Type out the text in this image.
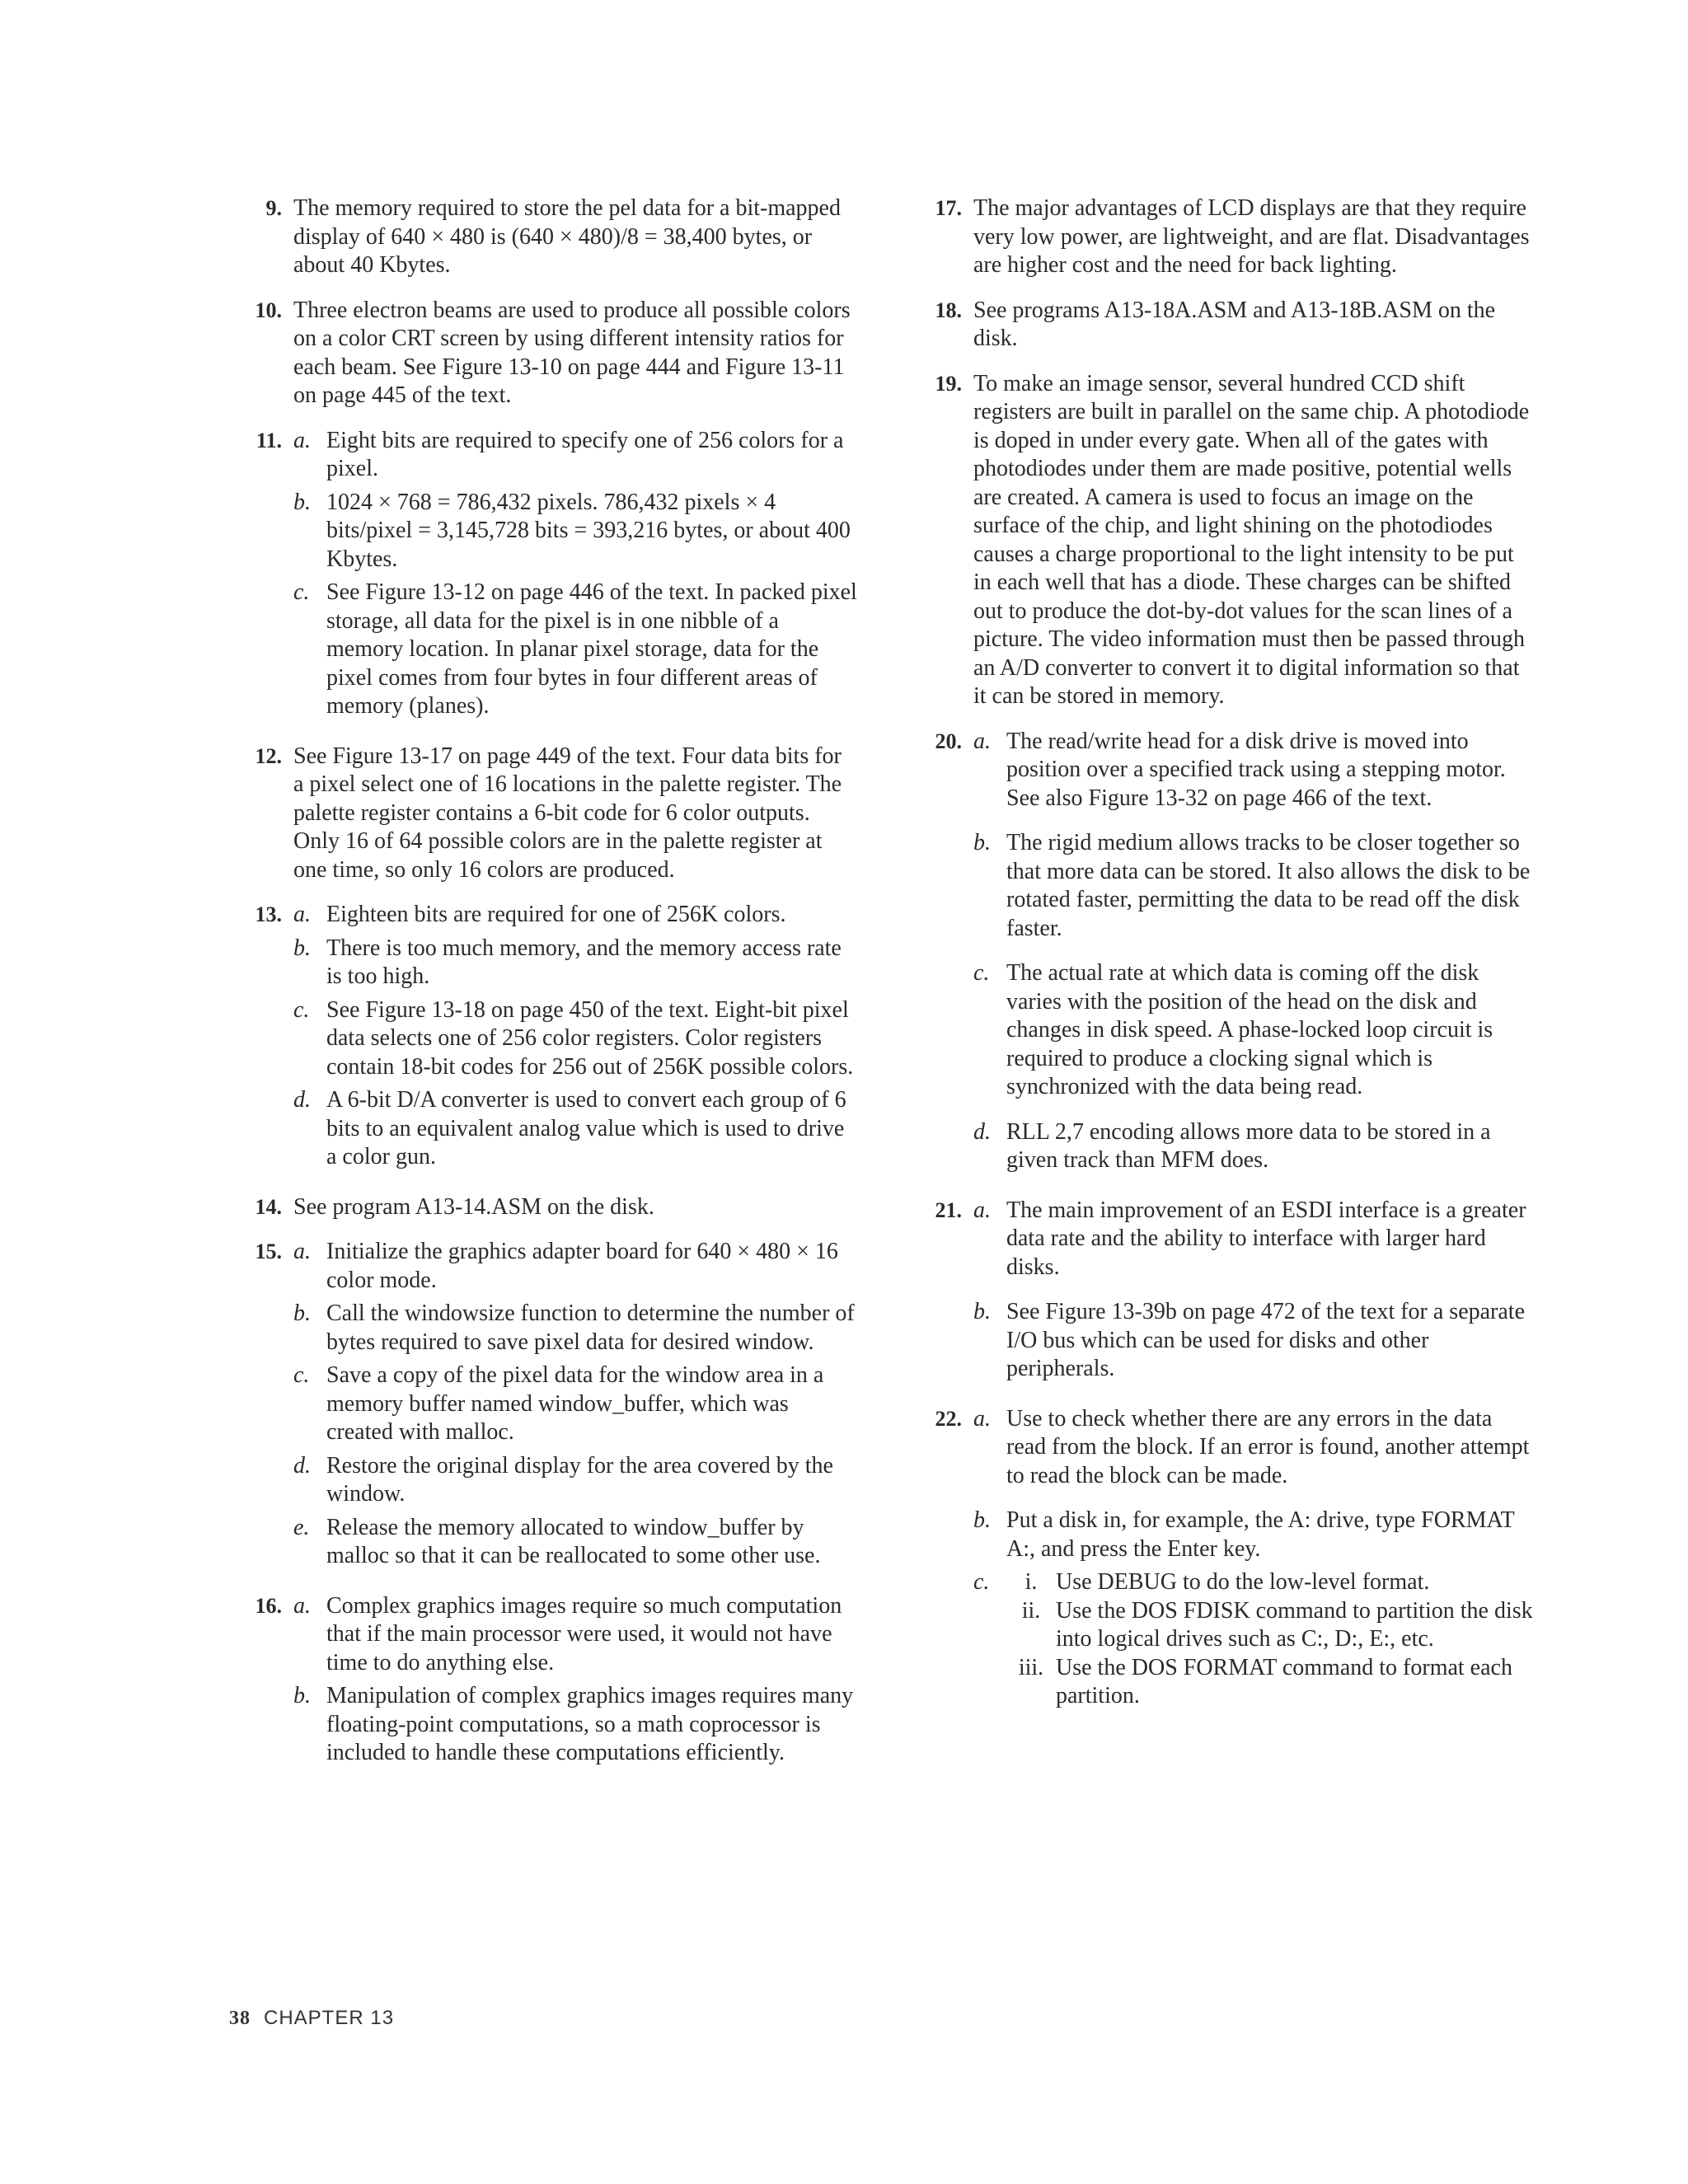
9. The memory required to store the pel data for a bit-mapped display of 640 × 480 is (640 × 480)/8 = 38,400 bytes, or about 40 Kbytes.
10. Three electron beams are used to produce all possible colors on a color CRT screen by using different intensity ratios for each beam. See Figure 13-10 on page 444 and Figure 13-11 on page 445 of the text.
11. a. Eight bits are required to specify one of 256 colors for a pixel.
b. 1024 × 768 = 786,432 pixels. 786,432 pixels × 4 bits/pixel = 3,145,728 bits = 393,216 bytes, or about 400 Kbytes.
c. See Figure 13-12 on page 446 of the text. In packed pixel storage, all data for the pixel is in one nibble of a memory location. In planar pixel storage, data for the pixel comes from four bytes in four different areas of memory (planes).
12. See Figure 13-17 on page 449 of the text. Four data bits for a pixel select one of 16 locations in the palette register. The palette register contains a 6-bit code for 6 color outputs. Only 16 of 64 possible colors are in the palette register at one time, so only 16 colors are produced.
13. a. Eighteen bits are required for one of 256K colors.
b. There is too much memory, and the memory access rate is too high.
c. See Figure 13-18 on page 450 of the text. Eight-bit pixel data selects one of 256 color registers. Color registers contain 18-bit codes for 256 out of 256K possible colors.
d. A 6-bit D/A converter is used to convert each group of 6 bits to an equivalent analog value which is used to drive a color gun.
14. See program A13-14.ASM on the disk.
15. a. Initialize the graphics adapter board for 640 × 480 × 16 color mode.
b. Call the windowsize function to determine the number of bytes required to save pixel data for desired window.
c. Save a copy of the pixel data for the window area in a memory buffer named window_buffer, which was created with malloc.
d. Restore the original display for the area covered by the window.
e. Release the memory allocated to window_buffer by malloc so that it can be reallocated to some other use.
16. a. Complex graphics images require so much computation that if the main processor were used, it would not have time to do anything else.
b. Manipulation of complex graphics images requires many floating-point computations, so a math coprocessor is included to handle these computations efficiently.
17. The major advantages of LCD displays are that they require very low power, are lightweight, and are flat. Disadvantages are higher cost and the need for back lighting.
18. See programs A13-18A.ASM and A13-18B.ASM on the disk.
19. To make an image sensor, several hundred CCD shift registers are built in parallel on the same chip. A photodiode is doped in under every gate. When all of the gates with photodiodes under them are made positive, potential wells are created. A camera is used to focus an image on the surface of the chip, and light shining on the photodiodes causes a charge proportional to the light intensity to be put in each well that has a diode. These charges can be shifted out to produce the dot-by-dot values for the scan lines of a picture. The video information must then be passed through an A/D converter to convert it to digital information so that it can be stored in memory.
20. a. The read/write head for a disk drive is moved into position over a specified track using a stepping motor. See also Figure 13-32 on page 466 of the text.
b. The rigid medium allows tracks to be closer together so that more data can be stored. It also allows the disk to be rotated faster, permitting the data to be read off the disk faster.
c. The actual rate at which data is coming off the disk varies with the position of the head on the disk and changes in disk speed. A phase-locked loop circuit is required to produce a clocking signal which is synchronized with the data being read.
d. RLL 2,7 encoding allows more data to be stored in a given track than MFM does.
21. a. The main improvement of an ESDI interface is a greater data rate and the ability to interface with larger hard disks.
b. See Figure 13-39b on page 472 of the text for a separate I/O bus which can be used for disks and other peripherals.
22. a. Use to check whether there are any errors in the data read from the block. If an error is found, another attempt to read the block can be made.
b. Put a disk in, for example, the A: drive, type FORMAT A:, and press the Enter key.
c.	i. Use DEBUG to do the low-level format.
ii. Use the DOS FDISK command to partition the disk into logical drives such as C:, D:, E:, etc.
iii. Use the DOS FORMAT command to format each partition.
38 CHAPTER 13
